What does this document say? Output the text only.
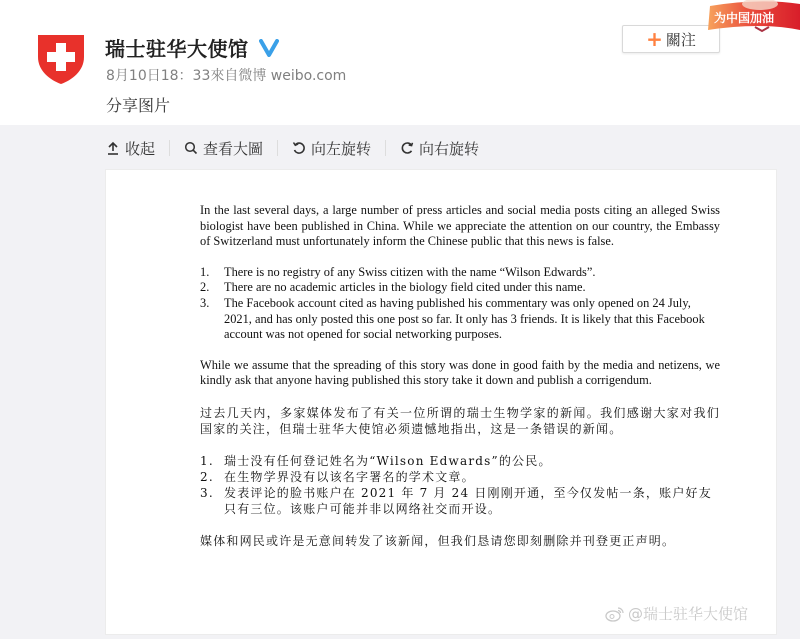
瑞士驻华大使馆
8月10日18：33來自微博 weibo.com
分享图片
+ 關注
为中国加油
收起	查看大圖	向左旋转	向右旋转

In the last several days, a large number of press articles and social media posts citing an alleged Swiss biologist have been published in China. While we appreciate the attention on our country, the Embassy of Switzerland must unfortunately inform the Chinese public that this news is false.

1.	There is no registry of any Swiss citizen with the name “Wilson Edwards”.
2.	There are no academic articles in the biology field cited under this name.
3.	The Facebook account cited as having published his commentary was only opened on 24 July, 2021, and has only posted this one post so far. It only has 3 friends. It is likely that this Facebook account was not opened for social networking purposes.

While we assume that the spreading of this story was done in good faith by the media and netizens, we kindly ask that anyone having published this story take it down and publish a corrigendum.

过去几天内，多家媒体发布了有关一位所谓的瑞士生物学家的新闻。我们感谢大家对我们国家的关注，但瑞士驻华大使馆必须遗憾地指出，这是一条错误的新闻。

1. 瑞士没有任何登记姓名为“Wilson Edwards”的公民。
2. 在生物学界没有以该名字署名的学术文章。
3. 发表评论的脸书账户在 2021 年 7 月 24 日刚刚开通，至今仅发帖一条，账户好友只有三位。该账户可能并非以网络社交而开设。

媒体和网民或许是无意间转发了该新闻，但我们恳请您即刻删除并刊登更正声明。

@瑞士驻华大使馆
